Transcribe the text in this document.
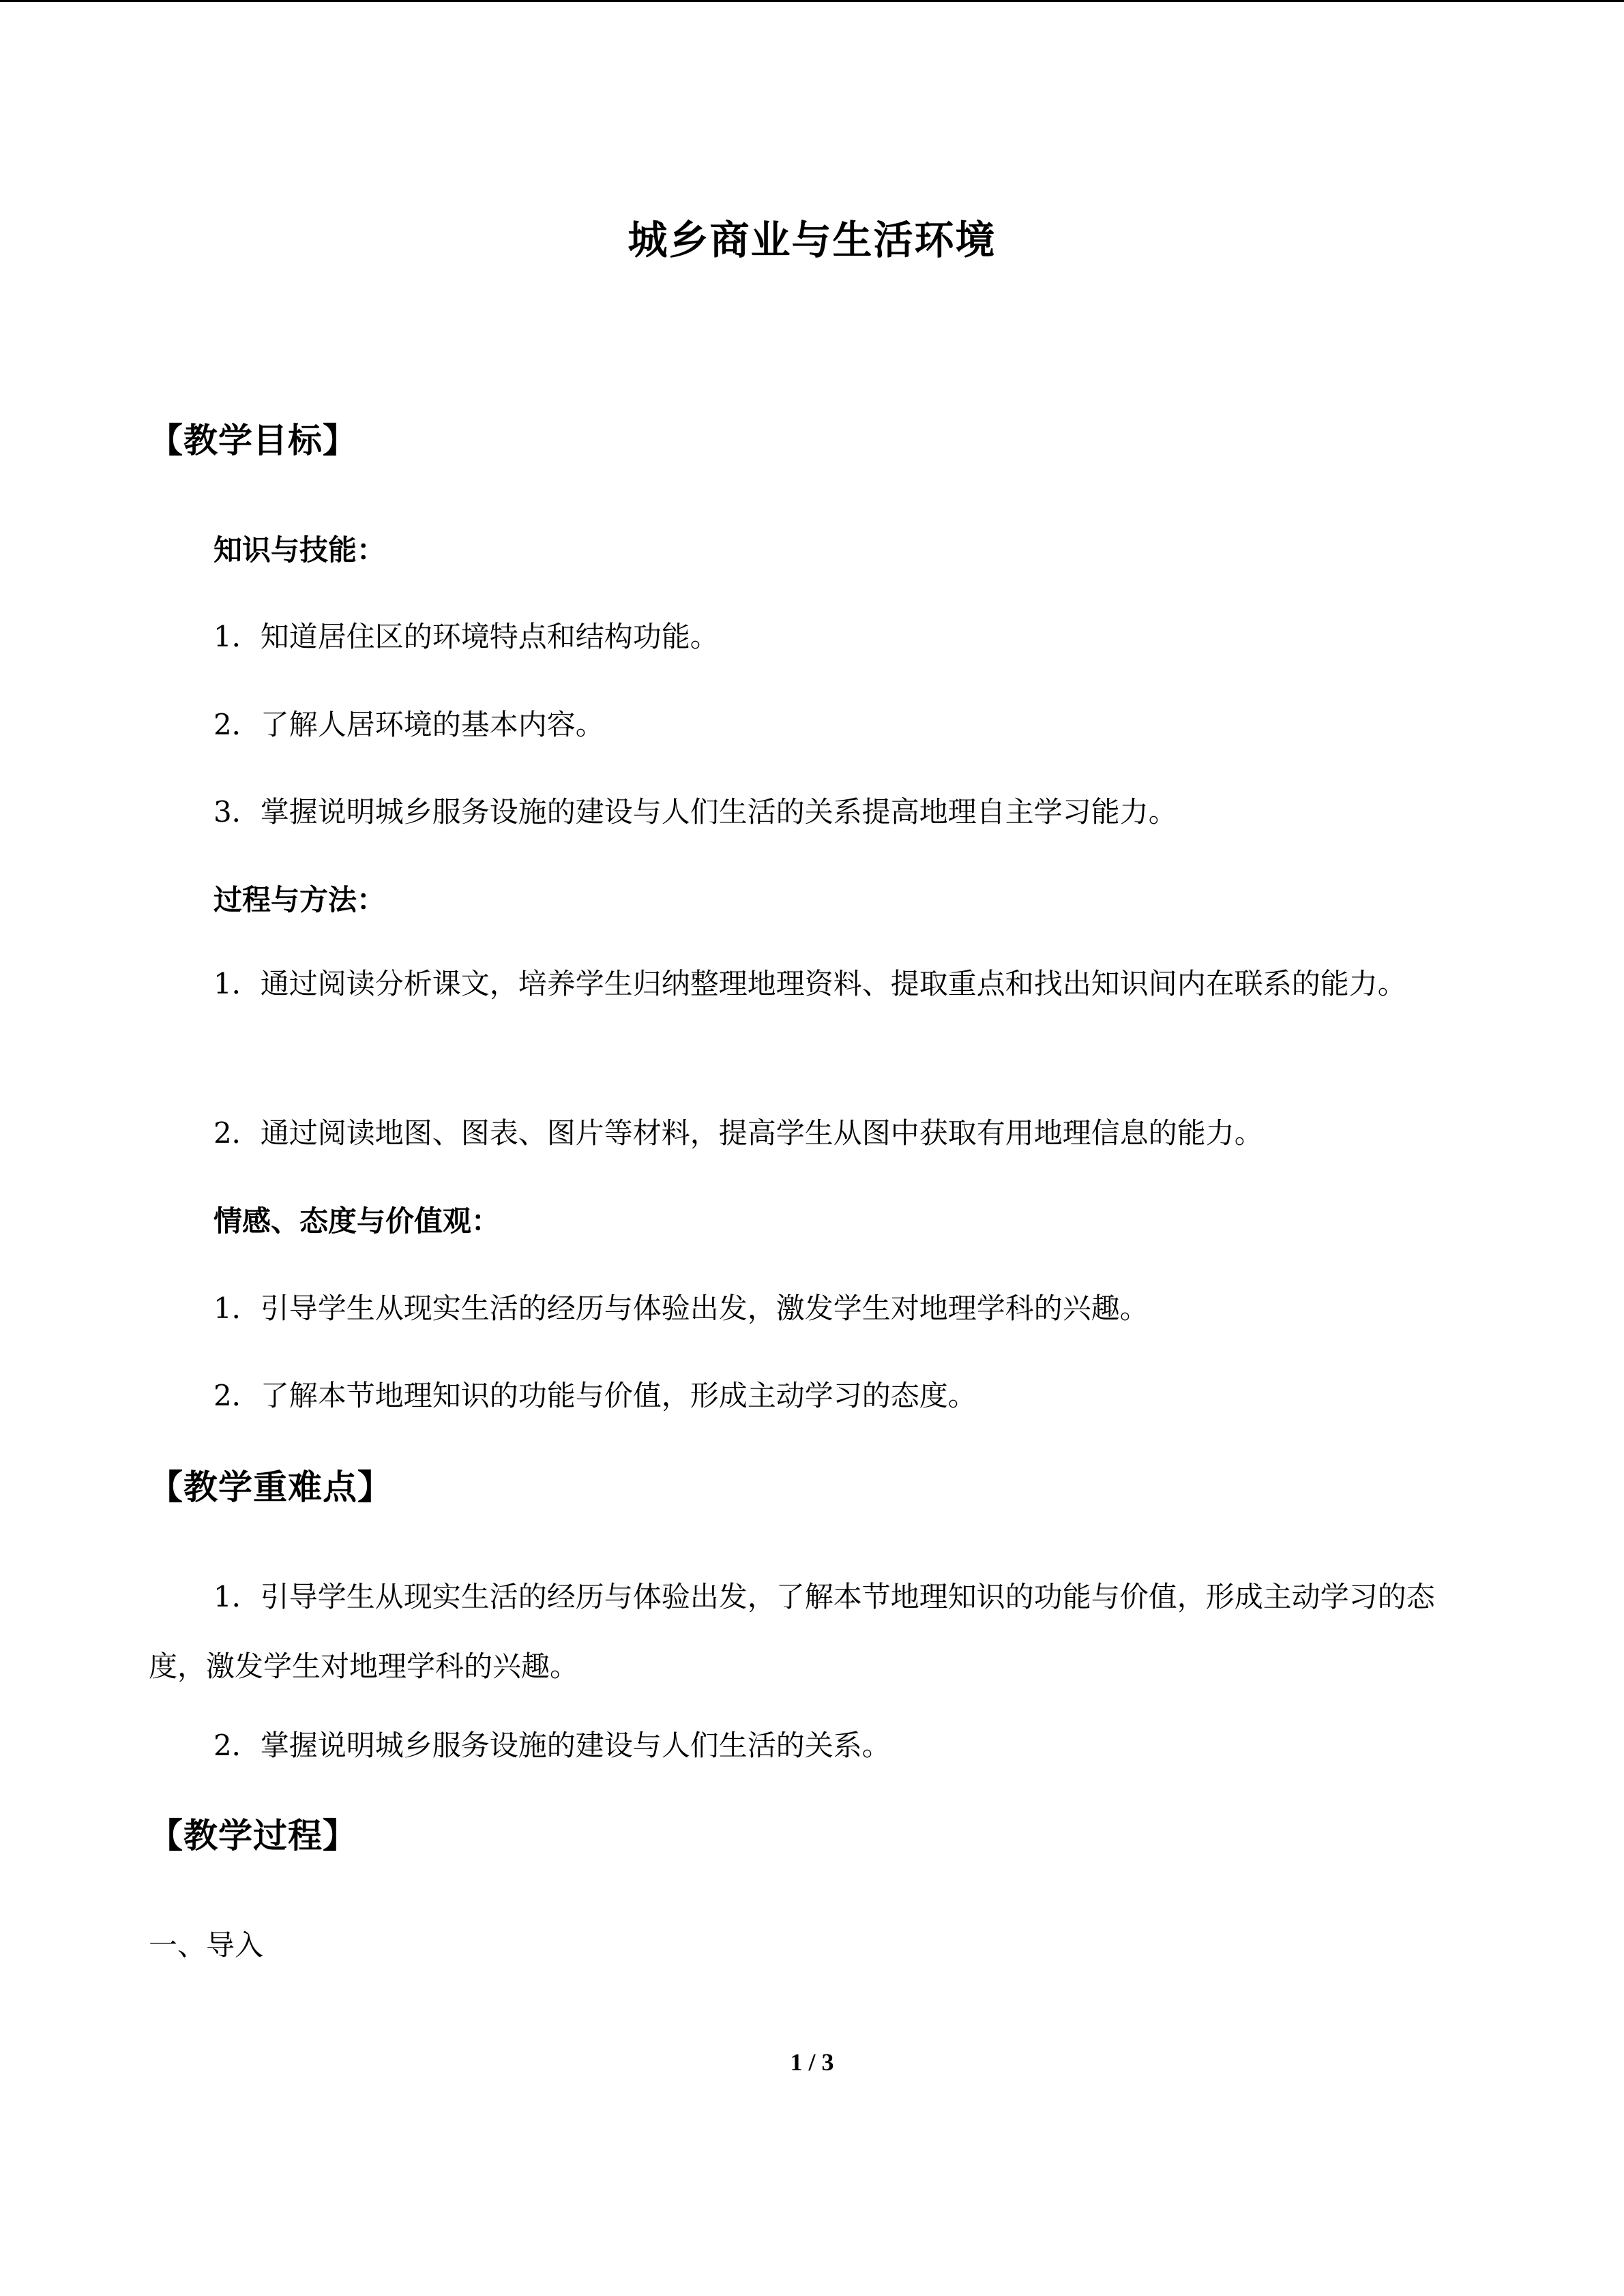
城乡商业与生活环境
【教学目标】
知识与技能：
1．知道居住区的环境特点和结构功能。
2．了解人居环境的基本内容。
3．掌握说明城乡服务设施的建设与人们生活的关系提高地理自主学习能力。
过程与方法：
1．通过阅读分析课文，培养学生归纳整理地理资料、提取重点和找出知识间内在联系的能力。
2．通过阅读地图、图表、图片等材料，提高学生从图中获取有用地理信息的能力。
情感、态度与价值观：
1．引导学生从现实生活的经历与体验出发，激发学生对地理学科的兴趣。
2．了解本节地理知识的功能与价值，形成主动学习的态度。
【教学重难点】
1．引导学生从现实生活的经历与体验出发，了解本节地理知识的功能与价值，形成主动学习的态度，激发学生对地理学科的兴趣。
2．掌握说明城乡服务设施的建设与人们生活的关系。
【教学过程】
一、导入
1 / 3
